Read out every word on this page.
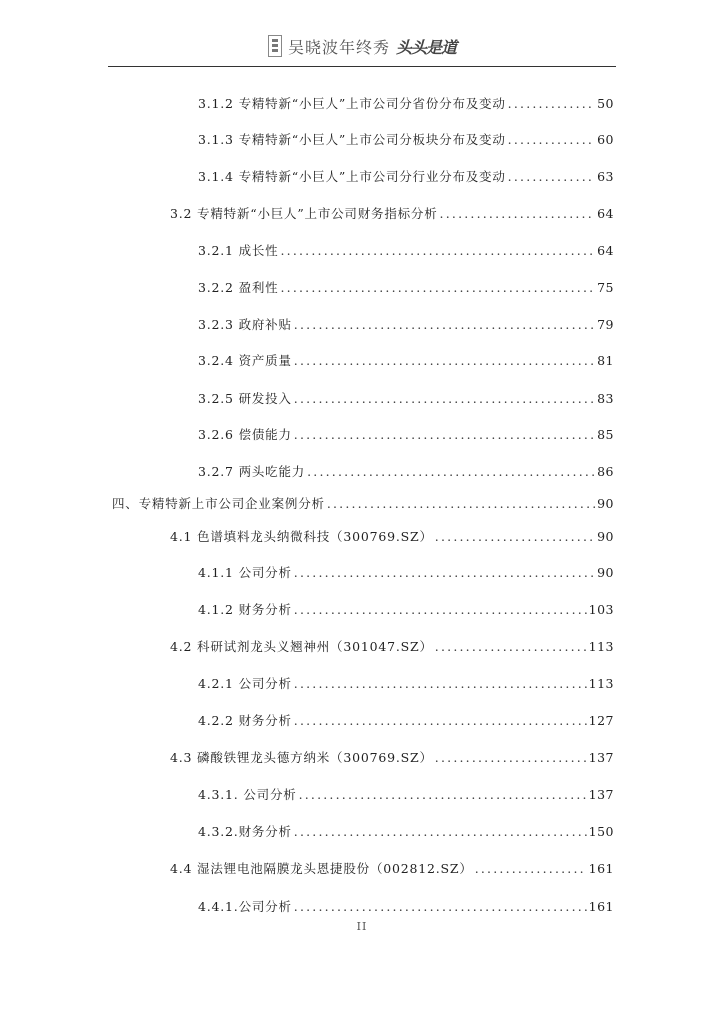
吴晓波年终秀 头头是道
3.1.2 专精特新“小巨人”上市公司分省份分布及变动 .....	50
3.1.3 专精特新“小巨人”上市公司分板块分布及变动 .....	60
3.1.4 专精特新“小巨人”上市公司分行业分布及变动 .....	63
3.2 专精特新“小巨人”上市公司财务指标分析 .....	64
3.2.1 成长性 .....	64
3.2.2 盈利性 .....	75
3.2.3 政府补贴 .....	79
3.2.4 资产质量 .....	81
3.2.5 研发投入 .....	83
3.2.6 偿债能力 .....	85
3.2.7 两头吃能力 .....	86
四、专精特新上市公司企业案例分析 .....	90
4.1 色谱填料龙头纳微科技（300769.SZ） .....	90
4.1.1 公司分析 .....	90
4.1.2 财务分析 .....	103
4.2 科研试剂龙头义翘神州（301047.SZ） .....	113
4.2.1 公司分析 .....	113
4.2.2 财务分析 .....	127
4.3 磷酸铁锂龙头德方纳米（300769.SZ） .....	137
4.3.1. 公司分析 .....	137
4.3.2.财务分析 .....	150
4.4 湿法锂电池隔膜龙头恩捷股份（002812.SZ） .....	161
4.4.1.公司分析 .....	161
II
